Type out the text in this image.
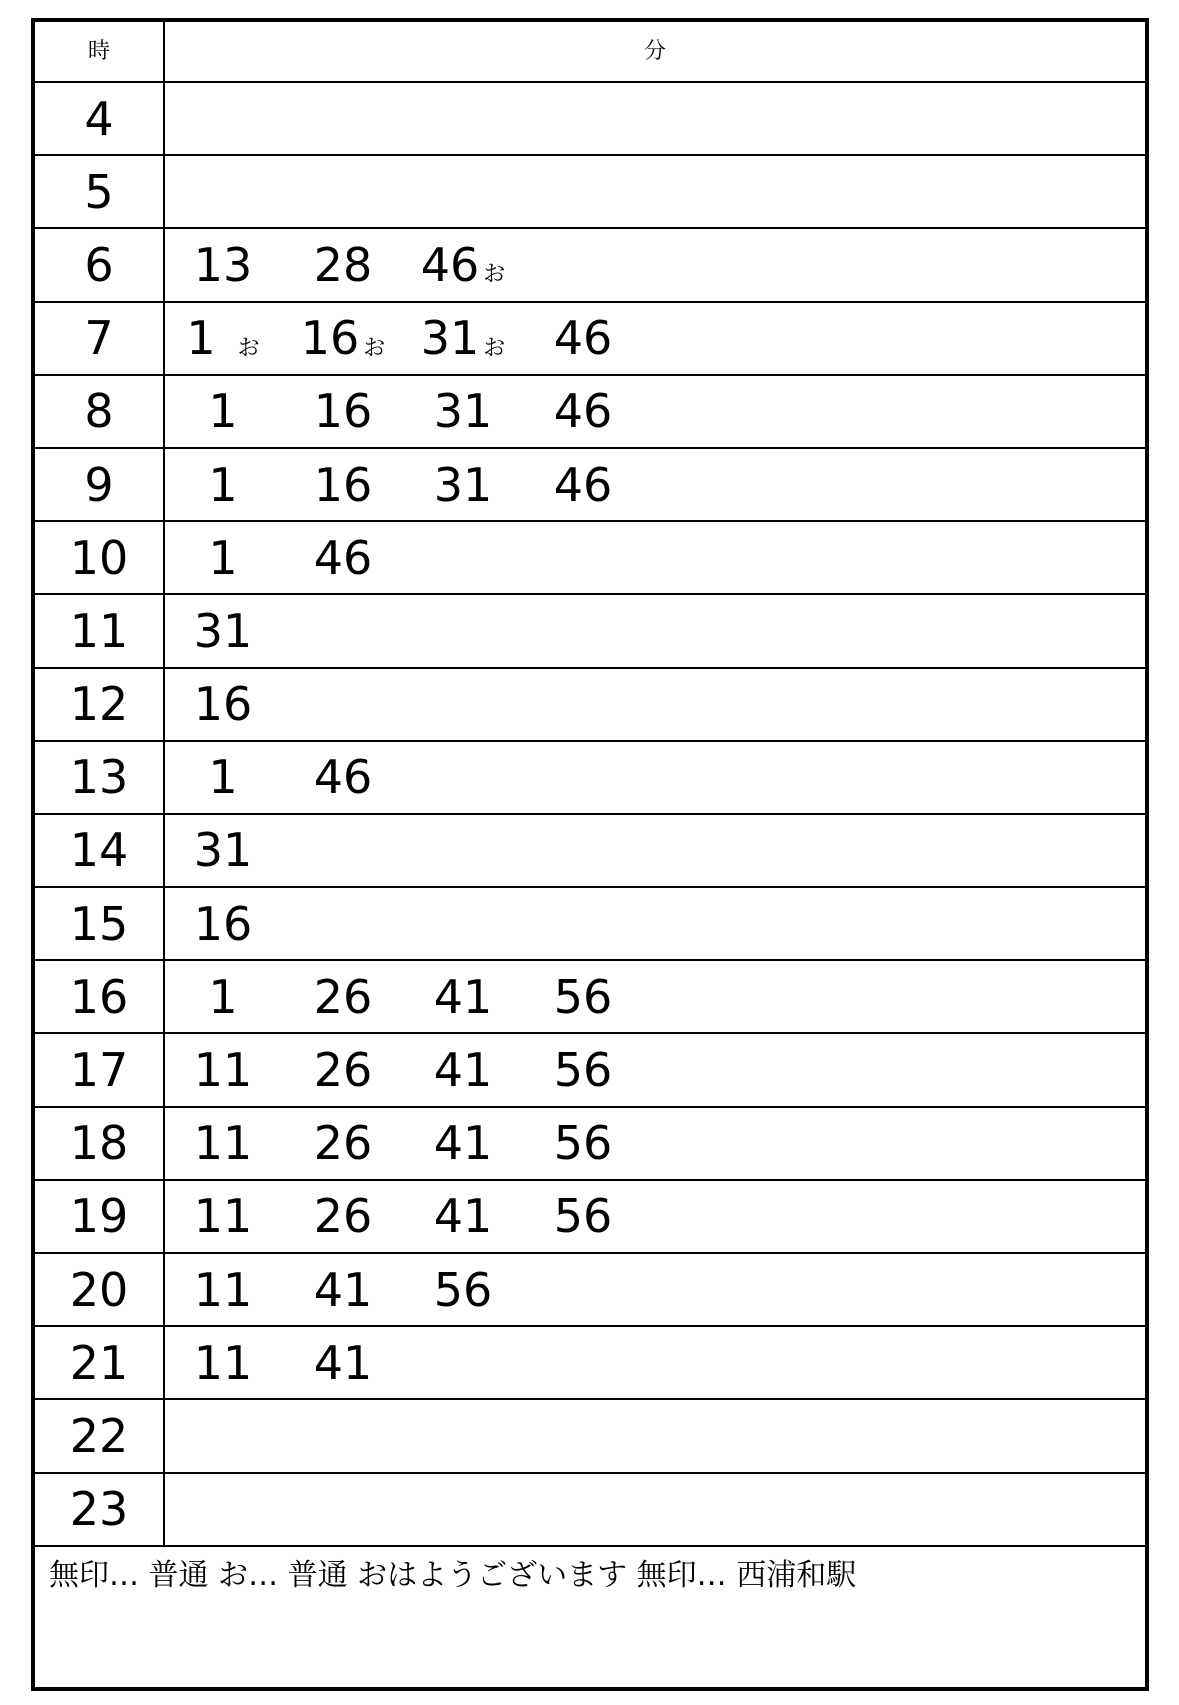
時	分
4
5
6	13 28 46 お
7	1 お 16 お 31 お 46
8	1 16 31 46
9	1 16 31 46
10	1 46
11	31
12	16
13	1 46
14	31
15	16
16	1 26 41 56
17	11 26 41 56
18	11 26 41 56
19	11 26 41 56
20	11 41 56
21	11 41
22
23
無印… 普通 お… 普通 おはようございます 無印… 西浦和駅
